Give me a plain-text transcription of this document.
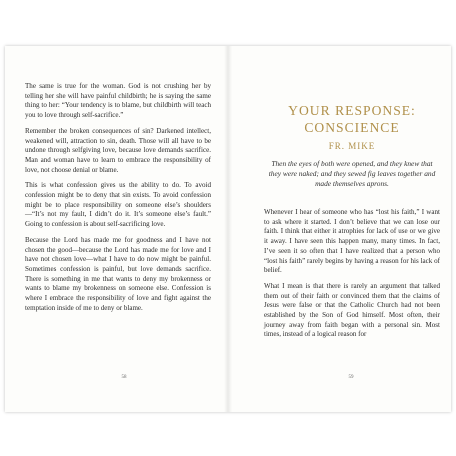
The same is true for the woman. God is not crushing her by telling her she will have painful childbirth; he is saying the same thing to her: “Your tendency is to blame, but childbirth will teach you to love through self-sacrifice.”

Remember the broken consequences of sin? Darkened intellect, weakened will, attraction to sin, death. Those will all have to be undone through selfgiving love, because love demands sacrifice. Man and woman have to learn to embrace the responsibility of love, not choose denial or blame.

This is what confession gives us the ability to do. To avoid confession might be to deny that sin exists. To avoid confession might be to place responsibility on someone else’s shoulders—“It’s not my fault, I didn’t do it. It’s someone else’s fault.” Going to confession is about self-sacrificing love.

Because the Lord has made me for goodness and I have not chosen the good—because the Lord has made me for love and I have not chosen love—what I have to do now might be painful. Sometimes confession is painful, but love demands sacrifice. There is something in me that wants to deny my brokenness or wants to blame my brokenness on someone else. Confession is where I embrace the responsibility of love and fight against the temptation inside of me to deny or blame.

58
YOUR RESPONSE: CONSCIENCE
FR. MIKE
Then the eyes of both were opened, and they knew that they were naked; and they sewed fig leaves together and made themselves aprons.

Whenever I hear of someone who has “lost his faith,” I want to ask where it started. I don’t believe that we can lose our faith. I think that either it atrophies for lack of use or we give it away. I have seen this happen many, many times. In fact, I’ve seen it so often that I have realized that a person who “lost his faith” rarely begins by having a reason for his lack of belief.

What I mean is that there is rarely an argument that talked them out of their faith or convinced them that the claims of Jesus were false or that the Catholic Church had not been established by the Son of God himself. Most often, their journey away from faith began with a personal sin. Most times, instead of a logical reason for

59
